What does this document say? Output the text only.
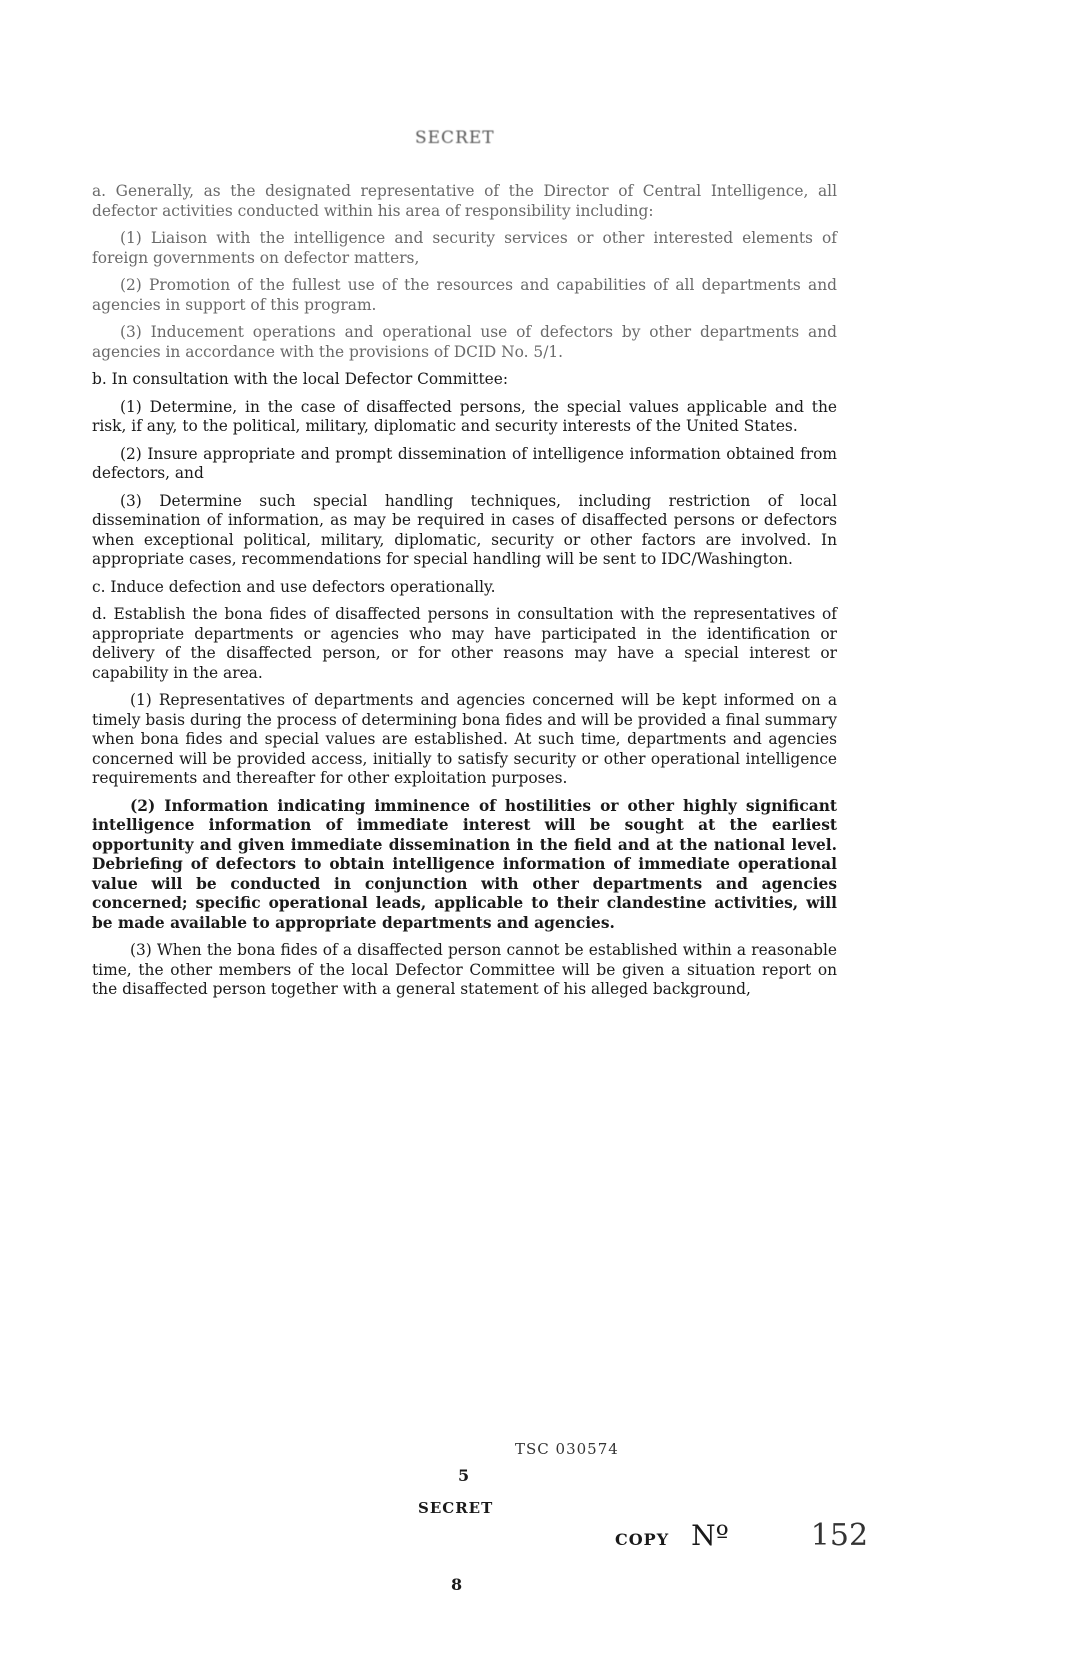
SECRET

a. Generally, as the designated representative of the Director of Central Intelligence, all defector activities conducted within his area of responsibility including:

(1) Liaison with the intelligence and security services or other interested elements of foreign governments on defector matters,

(2) Promotion of the fullest use of the resources and capabilities of all departments and agencies in support of this program.

(3) Inducement operations and operational use of defectors by other departments and agencies in accordance with the provisions of DCID No. 5/1.

b. In consultation with the local Defector Committee:

(1) Determine, in the case of disaffected persons, the special values applicable and the risk, if any, to the political, military, diplomatic and security interests of the United States.

(2) Insure appropriate and prompt dissemination of intelligence information obtained from defectors, and

(3) Determine such special handling techniques, including restriction of local dissemination of information, as may be required in cases of disaffected persons or defectors when exceptional political, military, diplomatic, security or other factors are involved. In appropriate cases, recommendations for special handling will be sent to IDC/Washington.

c. Induce defection and use defectors operationally.

d. Establish the bona fides of disaffected persons in consultation with the representatives of appropriate departments or agencies who may have participated in the identification or delivery of the disaffected person, or for other reasons may have a special interest or capability in the area.

(1) Representatives of departments and agencies concerned will be kept informed on a timely basis during the process of determining bona fides and will be provided a final summary when bona fides and special values are established. At such time, departments and agencies concerned will be provided access, initially to satisfy security or other operational intelligence requirements and thereafter for other exploitation purposes.

(2) Information indicating imminence of hostilities or other highly significant intelligence information of immediate interest will be sought at the earliest opportunity and given immediate dissemination in the field and at the national level. Debriefing of defectors to obtain intelligence information of immediate operational value will be conducted in conjunction with other departments and agencies concerned; specific operational leads, applicable to their clandestine activities, will be made available to appropriate departments and agencies.

(3) When the bona fides of a disaffected person cannot be established within a reasonable time, the other members of the local Defector Committee will be given a situation report on the disaffected person together with a general statement of his alleged background,

TSC 030574
5
SECRET
COPY Nº	152
8
